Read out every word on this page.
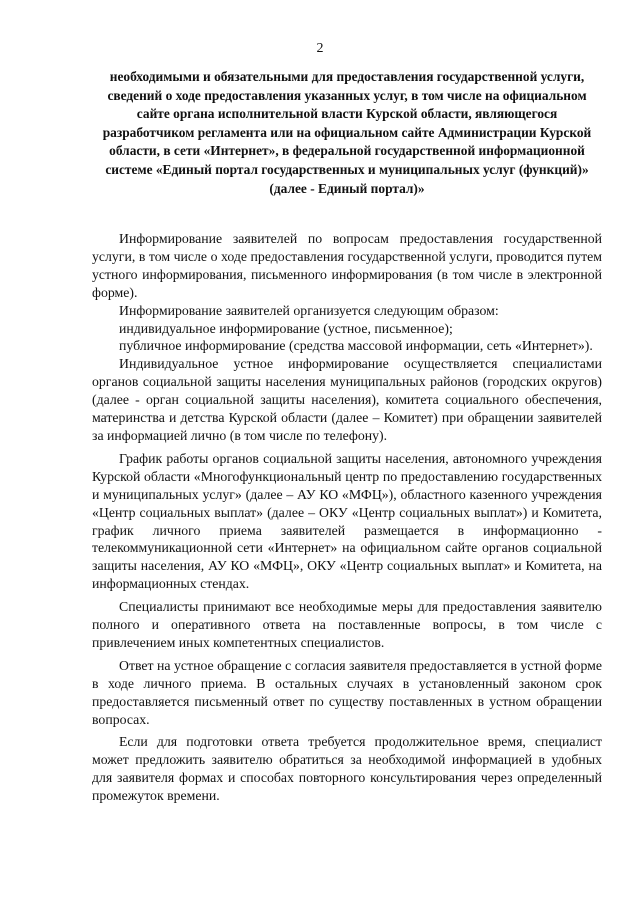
2
необходимыми и обязательными для предоставления государственной услуги, сведений о ходе предоставления указанных услуг, в том числе на официальном сайте органа исполнительной власти Курской области, являющегося разработчиком регламента или на официальном сайте Администрации Курской области, в сети «Интернет», в федеральной государственной информационной системе «Единый портал государственных и муниципальных услуг (функций)» (далее - Единый портал)»

Информирование заявителей по вопросам предоставления государственной услуги, в том числе о ходе предоставления государственной услуги, проводится путем устного информирования, письменного информирования (в том числе в электронной форме).

Информирование заявителей организуется следующим образом:

индивидуальное информирование (устное, письменное);

публичное информирование (средства массовой информации, сеть «Интернет»).

Индивидуальное устное информирование осуществляется специалистами органов социальной защиты населения муниципальных районов (городских округов) (далее - орган социальной защиты населения), комитета социального обеспечения, материнства и детства Курской области (далее – Комитет) при обращении заявителей за информацией лично (в том числе по телефону).

График работы органов социальной защиты населения, автономного учреждения Курской области «Многофункциональный центр по предоставлению государственных и муниципальных услуг» (далее – АУ КО «МФЦ»), областного казенного учреждения «Центр социальных выплат» (далее – ОКУ «Центр социальных выплат») и Комитета, график личного приема заявителей размещается в информационно - телекоммуникационной сети «Интернет» на официальном сайте органов социальной защиты населения, АУ КО «МФЦ», ОКУ «Центр социальных выплат» и Комитета, на информационных стендах.

Специалисты принимают все необходимые меры для предоставления заявителю полного и оперативного ответа на поставленные вопросы, в том числе с привлечением иных компетентных специалистов.

Ответ на устное обращение с согласия заявителя предоставляется в устной форме в ходе личного приема. В остальных случаях в установленный законом срок предоставляется письменный ответ по существу поставленных в устном обращении вопросах.

Если для подготовки ответа требуется продолжительное время, специалист может предложить заявителю обратиться за необходимой информацией в удобных для заявителя формах и способах повторного консультирования через определенный промежуток времени.
